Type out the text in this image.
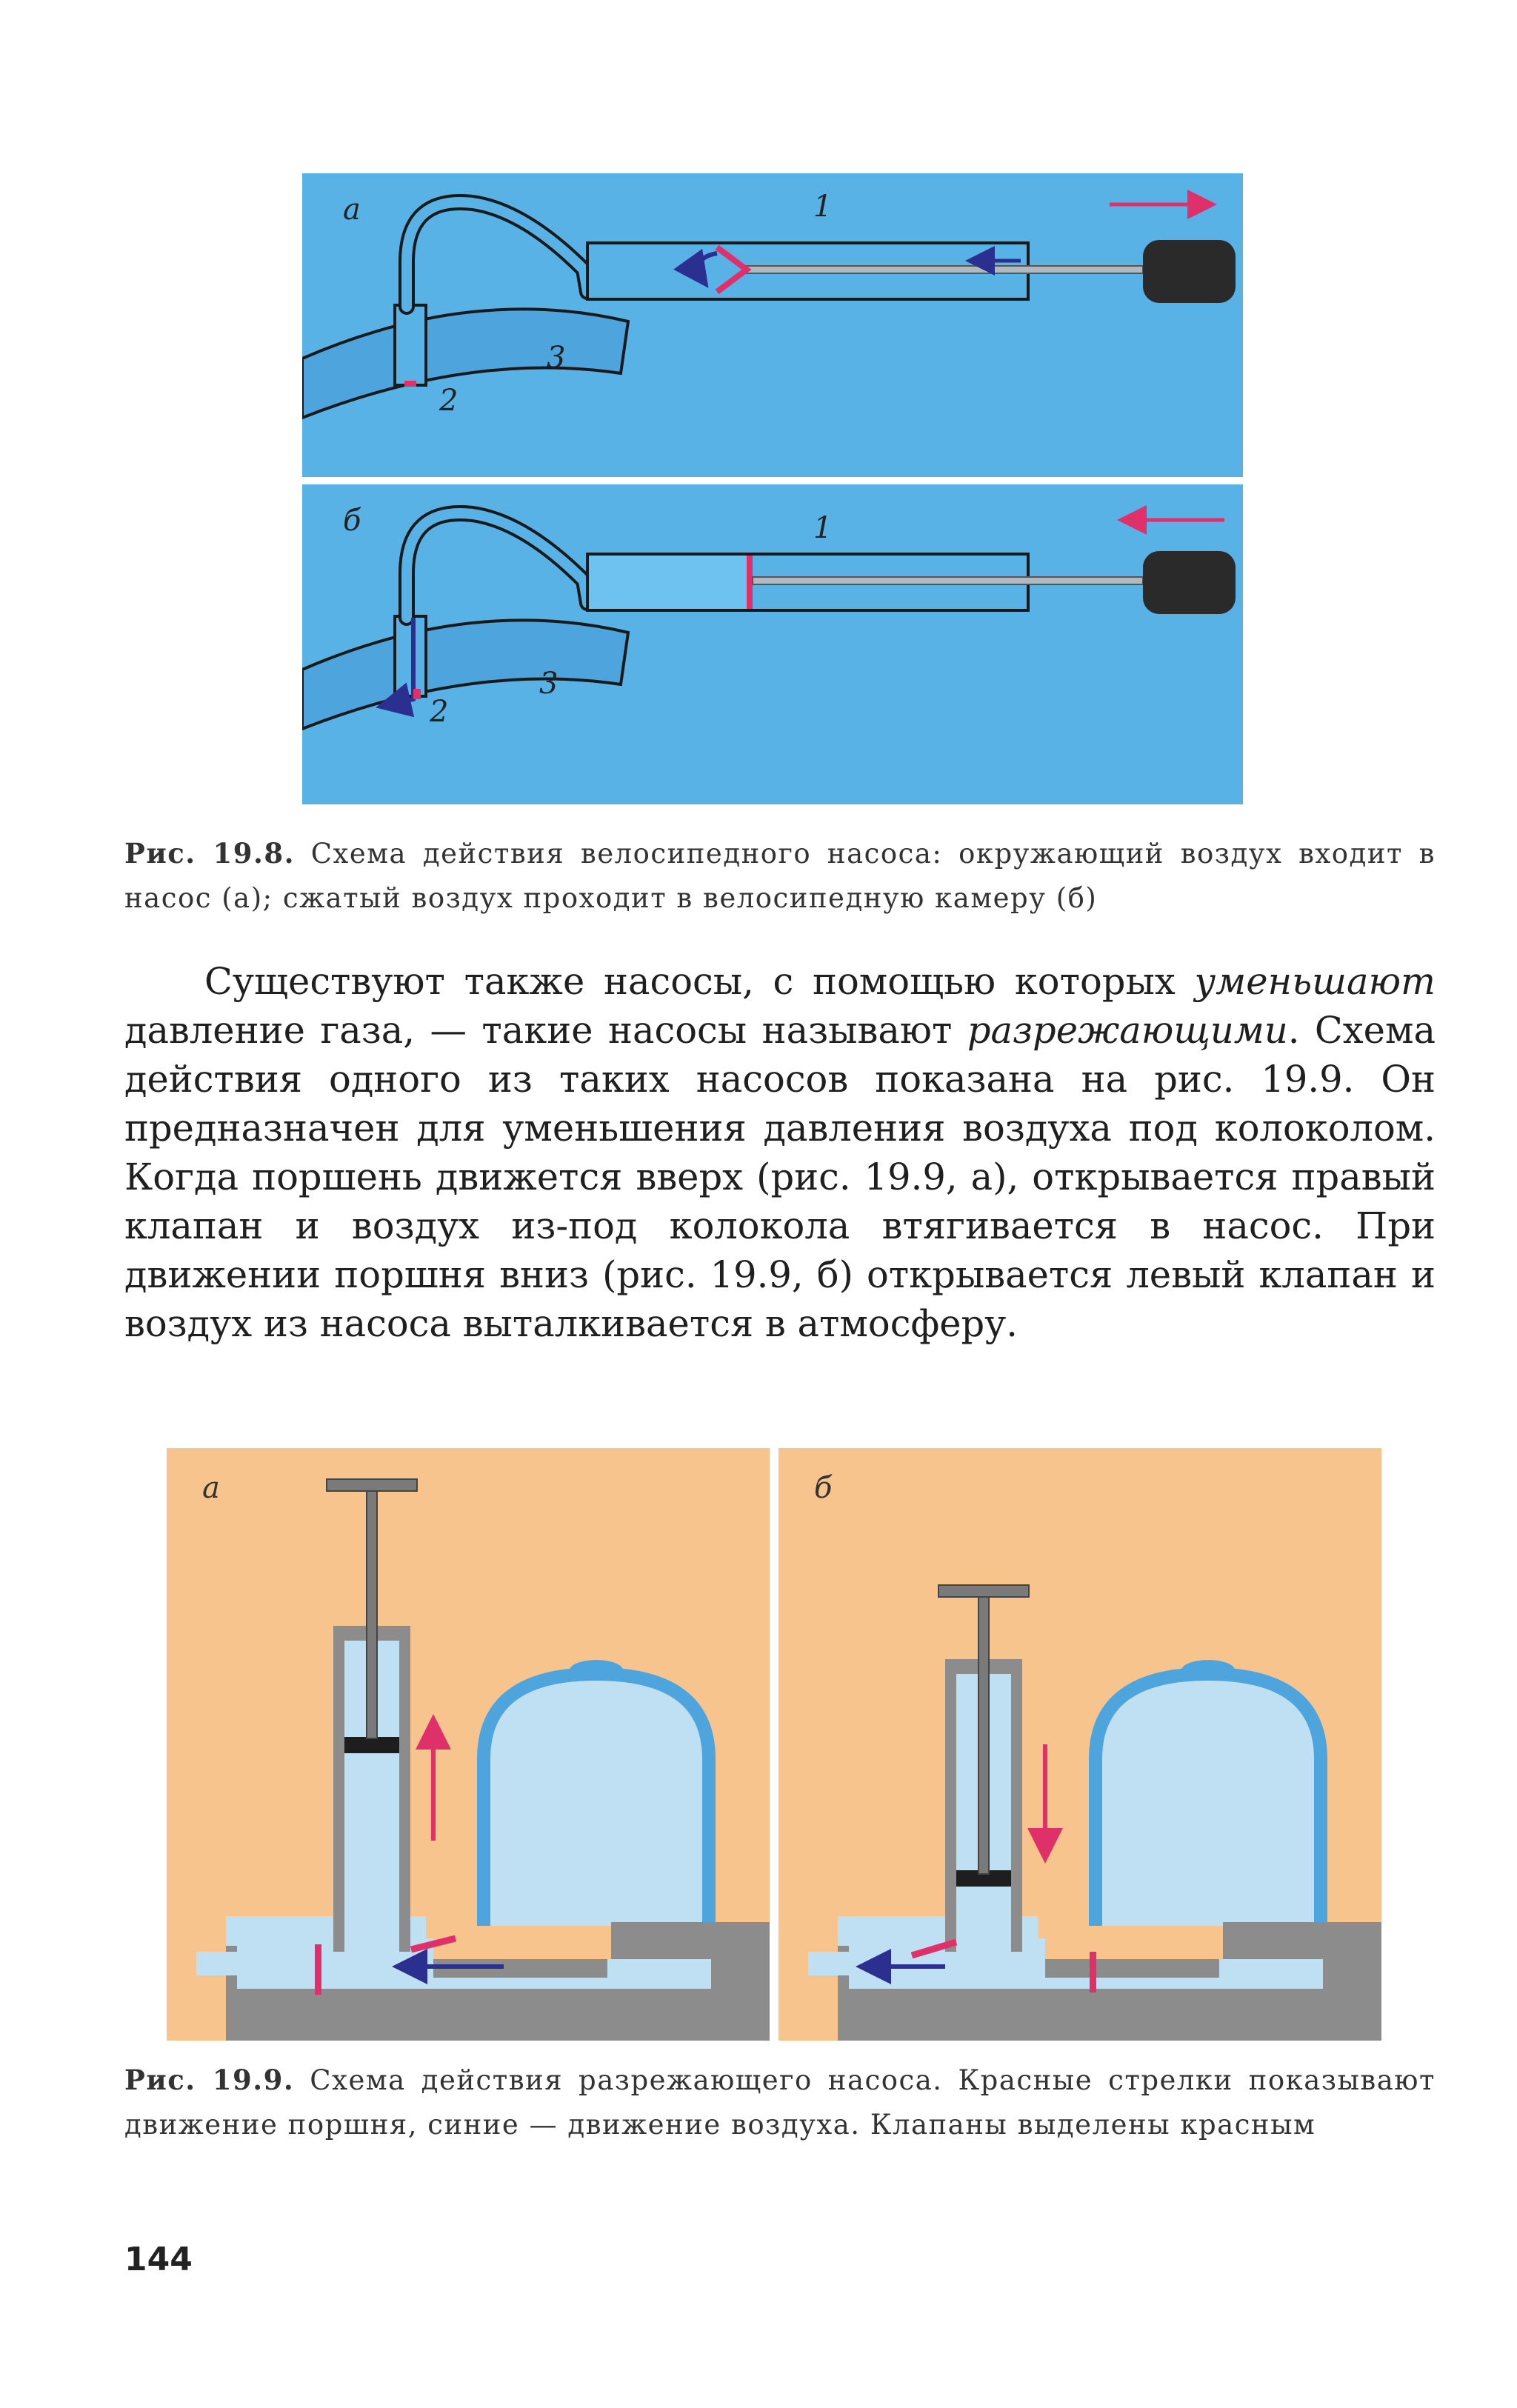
а	1
2
3
б	1
2
3
Рис. 19.8. Схема действия велосипедного насоса: окружающий воздух входит в насос (а); сжатый воздух проходит в велосипедную камеру (б)

Существуют также насосы, с помощью которых уменьшают давление газа, — такие насосы называют разрежающими. Схема действия одного из таких насосов показана на рис. 19.9. Он предназначен для уменьшения давления воздуха под колоколом. Когда поршень движется вверх (рис. 19.9, а), открывается правый клапан и воздух из-под колокола втягивается в насос. При движении поршня вниз (рис. 19.9, б) открывается левый клапан и воздух из насоса выталкивается в атмосферу.

а	б
Рис. 19.9. Схема действия разрежающего насоса. Красные стрелки показывают движение поршня, синие — движение воздуха. Клапаны выделены красным
144
